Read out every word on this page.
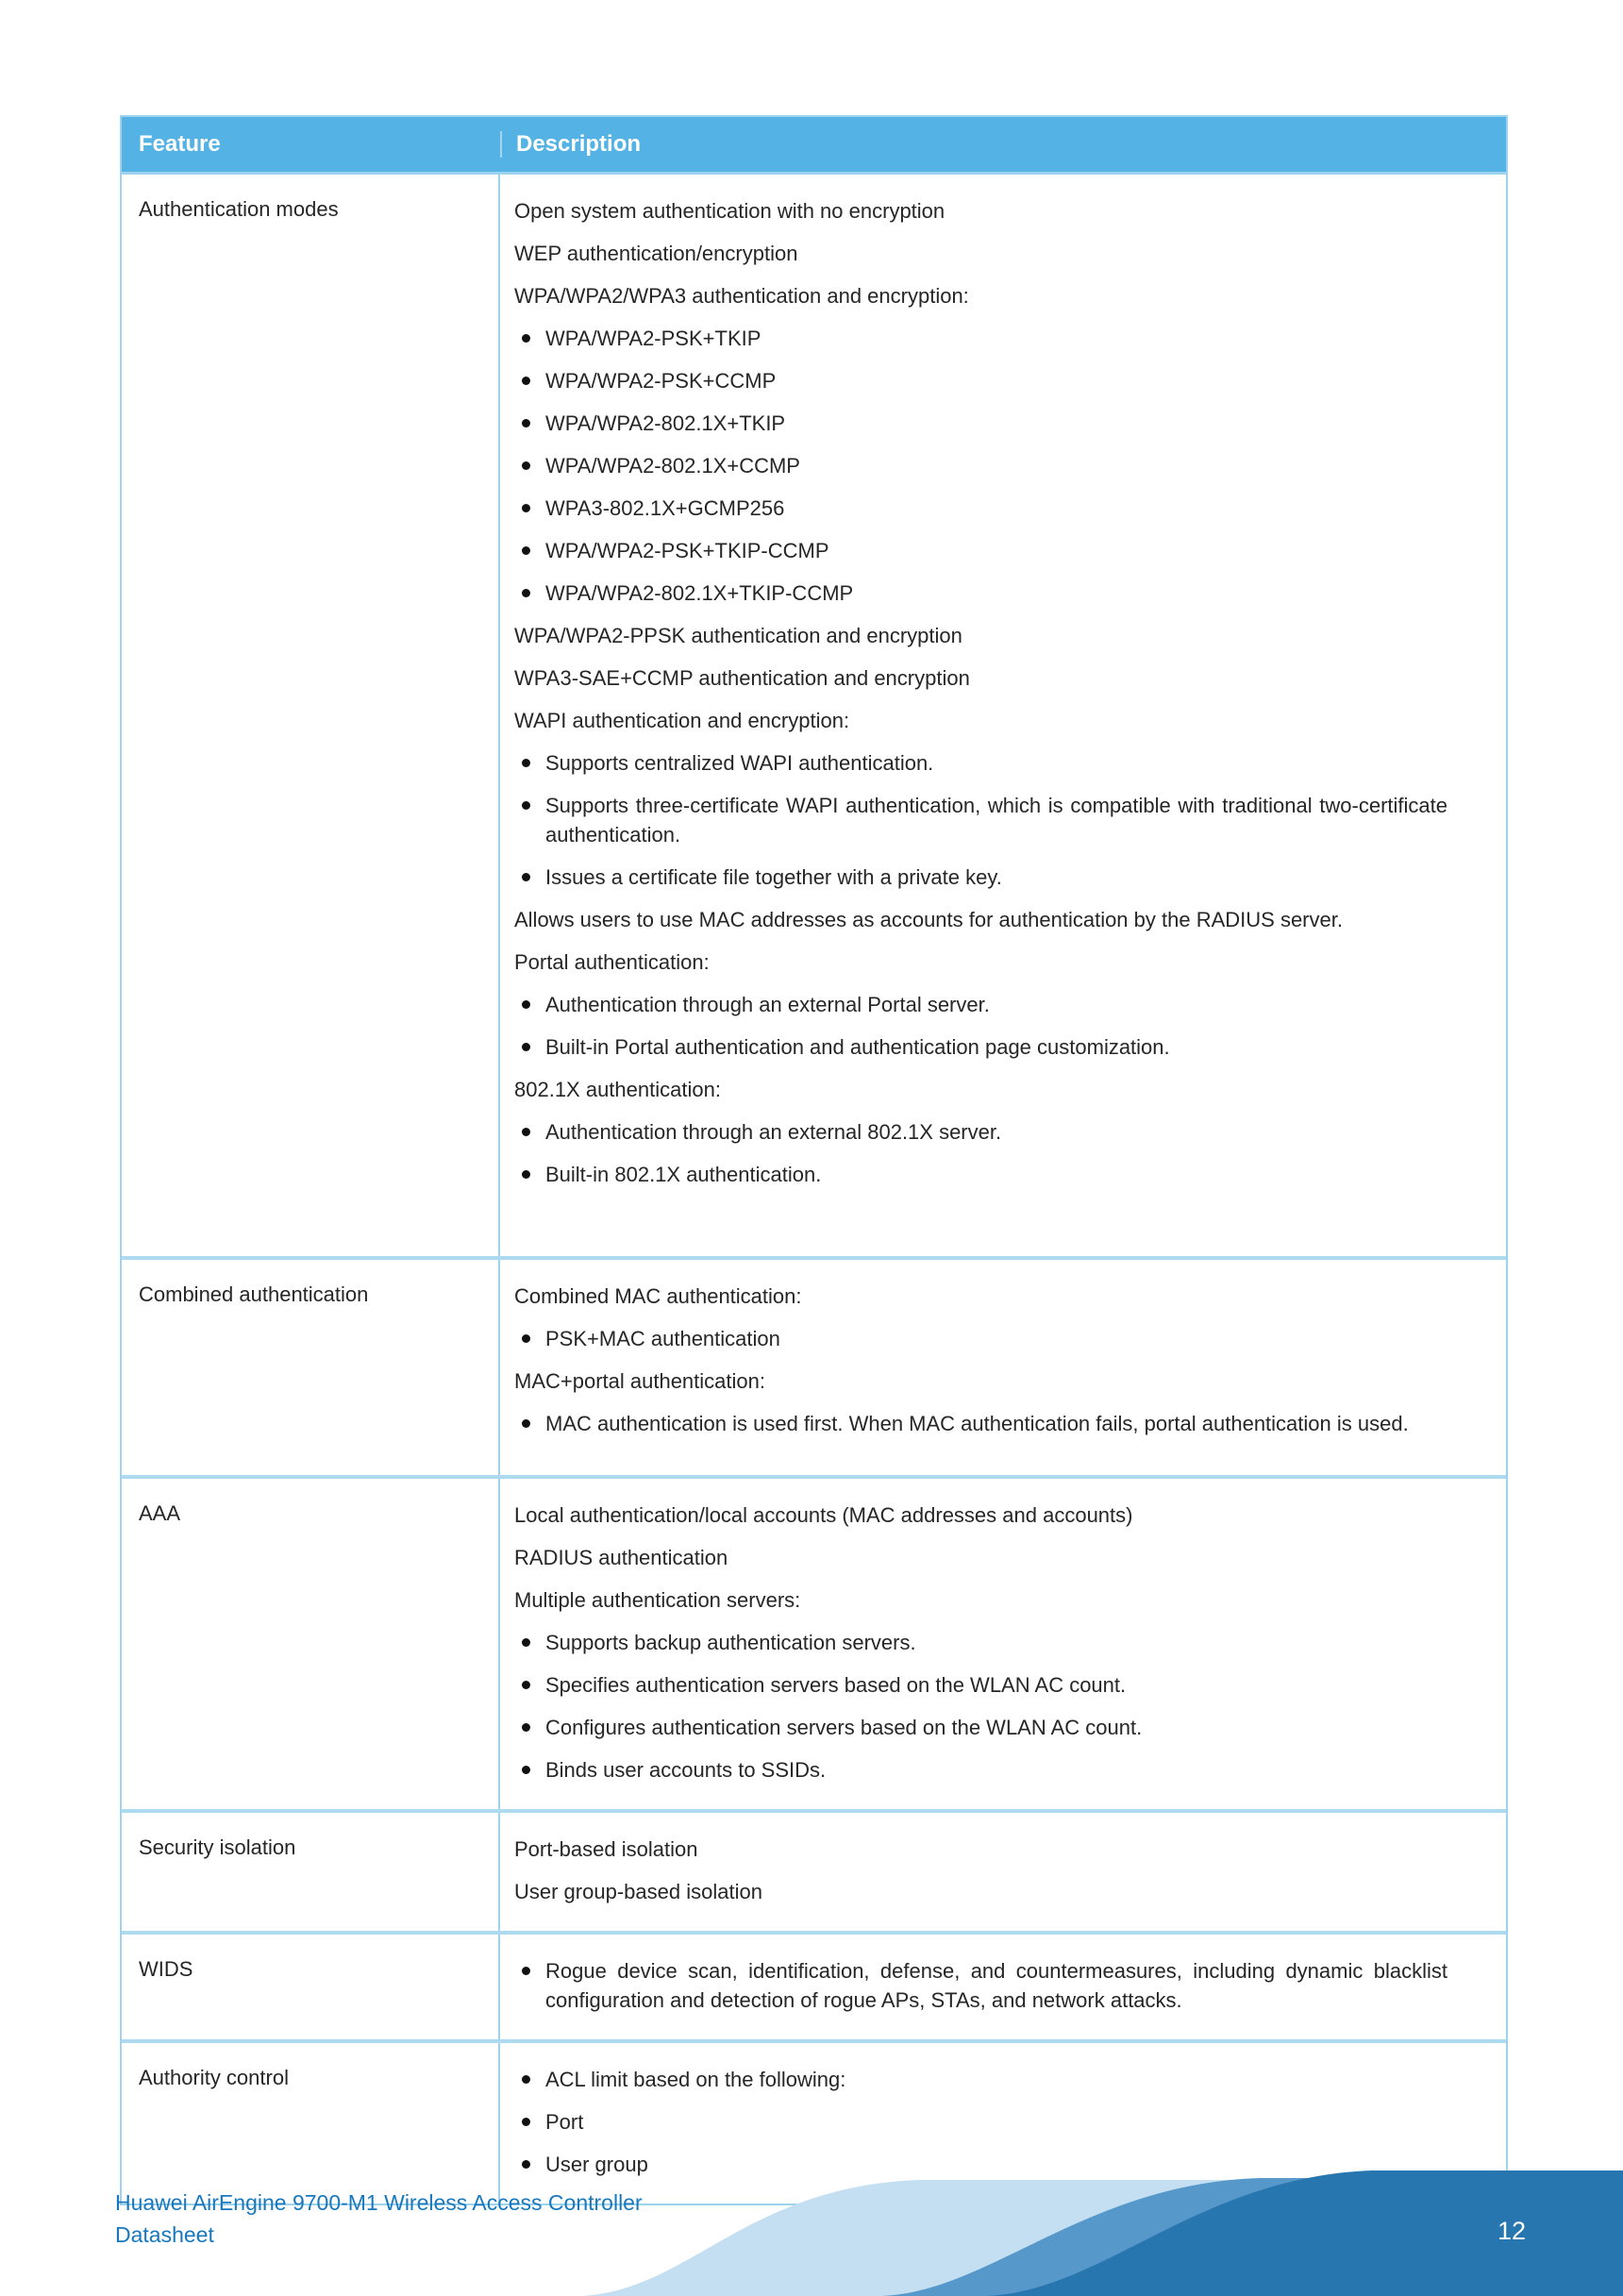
Feature	Description
Authentication modes	Open system authentication with no encryption

WEP authentication/encryption

WPA/WPA2/WPA3 authentication and encryption:

WPA/WPA2-PSK+TKIP
WPA/WPA2-PSK+CCMP
WPA/WPA2-802.1X+TKIP
WPA/WPA2-802.1X+CCMP
WPA3-802.1X+GCMP256
WPA/WPA2-PSK+TKIP-CCMP
WPA/WPA2-802.1X+TKIP-CCMP

WPA/WPA2-PPSK authentication and encryption

WPA3-SAE+CCMP authentication and encryption

WAPI authentication and encryption:

Supports centralized WAPI authentication.
Supports three-certificate WAPI authentication, which is compatible with traditional two-certificate authentication.
Issues a certificate file together with a private key.

Allows users to use MAC addresses as accounts for authentication by the RADIUS server.

Portal authentication:

Authentication through an external Portal server.
Built-in Portal authentication and authentication page customization.

802.1X authentication:

Authentication through an external 802.1X server.
Built-in 802.1X authentication.
Combined authentication	Combined MAC authentication:

PSK+MAC authentication

MAC+portal authentication:

MAC authentication is used first. When MAC authentication fails, portal authentication is used.
AAA	Local authentication/local accounts (MAC addresses and accounts)

RADIUS authentication

Multiple authentication servers:

Supports backup authentication servers.
Specifies authentication servers based on the WLAN AC count.
Configures authentication servers based on the WLAN AC count.
Binds user accounts to SSIDs.
Security isolation	Port-based isolation

User group-based isolation

WIDS	Rogue device scan, identification, defense, and countermeasures, including dynamic blacklist configuration and detection of rogue APs, STAs, and network attacks.
Authority control	ACL limit based on the following:
Port
User group
Huawei AirEngine 9700-M1 Wireless Access Controller
Datasheet	12
